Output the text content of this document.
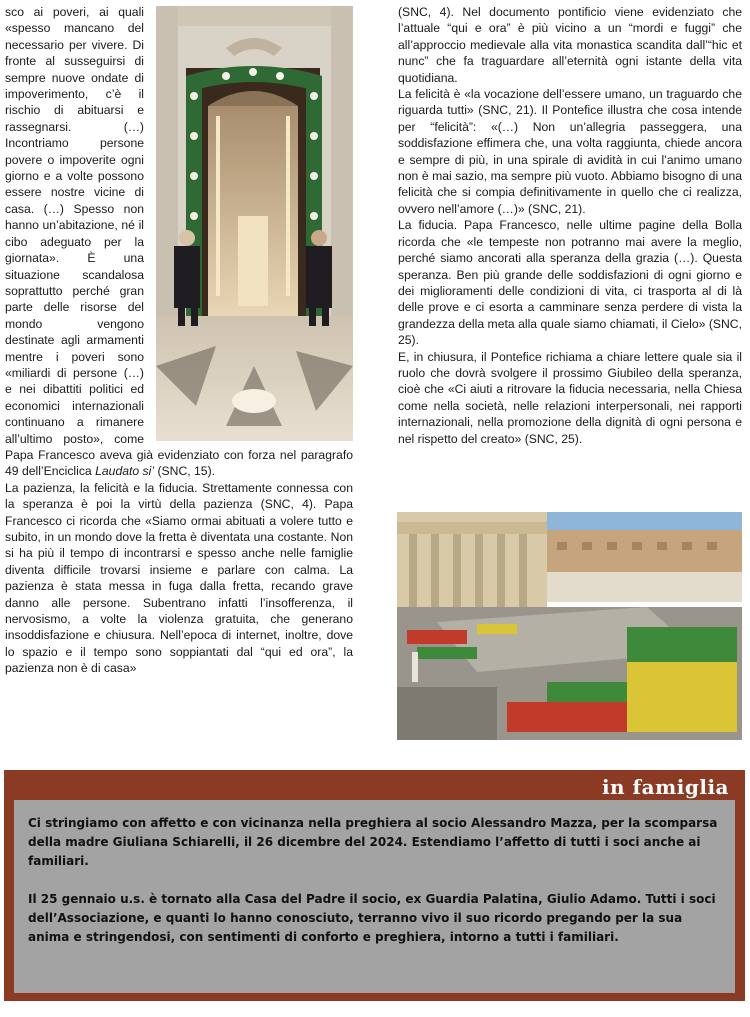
sco ai poveri, ai quali «spesso mancano del necessario per vivere. Di fronte al susseguirsi di sempre nuove ondate di impoverimento, c’è il rischio di abituarsi e rassegnarsi. (…) Incontriamo persone povere o impoverite ogni giorno e a volte possono essere nostre vicine di casa. (…) Spesso non hanno un’abitazione, né il cibo adeguato per la giornata». È una situazione scandalosa soprattutto perché gran parte delle risorse del mondo vengono destinate agli armamenti mentre i poveri sono «miliardi di persone (…) e nei dibattiti politici ed economici internazionali continuano a rimanere all’ultimo posto», come Papa Francesco aveva già evidenziato con forza nel paragrafo 49 dell’Enciclica Laudato si’ (SNC, 15).

La pazienza, la felicità e la fiducia. Strettamente connessa con la speranza è poi la virtù della pazienza (SNC, 4). Papa Francesco ci ricorda che «Siamo ormai abituati a volere tutto e subito, in un mondo dove la fretta è diventata una costante. Non si ha più il tempo di incontrarsi e spesso anche nelle famiglie diventa difficile trovarsi insieme e parlare con calma. La pazienza è stata messa in fuga dalla fretta, recando grave danno alle persone. Subentrano infatti l’insofferenza, il nervosismo, a volte la violenza gratuita, che generano insoddisfazione e chiusura. Nell’epoca di internet, inoltre, dove lo spazio e il tempo sono soppiantati dal “qui ed ora”, la pazienza non è di casa»

(SNC, 4). Nel documento pontificio viene evidenziato che l’attuale “qui e ora” è più vicino a un “mordi e fuggi” che all’approccio medievale alla vita monastica scandita dall’“hic et nunc” che fa traguardare all’eternità ogni istante della vita quotidiana.

La felicità è «la vocazione dell’essere umano, un traguardo che riguarda tutti» (SNC, 21). Il Pontefice illustra che cosa intende per “felicità”: «(…) Non un’allegria passeggera, una soddisfazione effimera che, una volta raggiunta, chiede ancora e sempre di più, in una spirale di avidità in cui l’animo umano non è mai sazio, ma sempre più vuoto. Abbiamo bisogno di una felicità che si compia definitivamente in quello che ci realizza, ovvero nell’amore (…)» (SNC, 21).

La fiducia. Papa Francesco, nelle ultime pagine della Bolla ricorda che «le tempeste non potranno mai avere la meglio, perché siamo ancorati alla speranza della grazia (…). Questa speranza. Ben più grande delle soddisfazioni di ogni giorno e dei miglioramenti delle condizioni di vita, ci trasporta al di là delle prove e ci esorta a camminare senza perdere di vista la grandezza della meta alla quale siamo chiamati, il Cielo» (SNC, 25).

E, in chiusura, il Pontefice richiama a chiare lettere quale sia il ruolo che dovrà svolgere il prossimo Giubileo della speranza, cioè che «Ci aiuti a ritrovare la fiducia necessaria, nella Chiesa come nella società, nelle relazioni interpersonali, nei rapporti internazionali, nella promozione della dignità di ogni persona e nel rispetto del creato» (SNC, 25).

in famiglia

Ci stringiamo con affetto e con vicinanza nella preghiera al socio Alessandro Mazza, per la scomparsa della madre Giuliana Schiarelli, il 26 dicembre del 2024. Estendiamo l’affetto di tutti i soci anche ai familiari.

Il 25 gennaio u.s. è tornato alla Casa del Padre il socio, ex Guardia Palatina, Giulio Adamo. Tutti i soci dell’Associazione, e quanti lo hanno conosciuto, terranno vivo il suo ricordo pregando per la sua anima e stringendosi, con sentimenti di conforto e preghiera, intorno a tutti i familiari.
